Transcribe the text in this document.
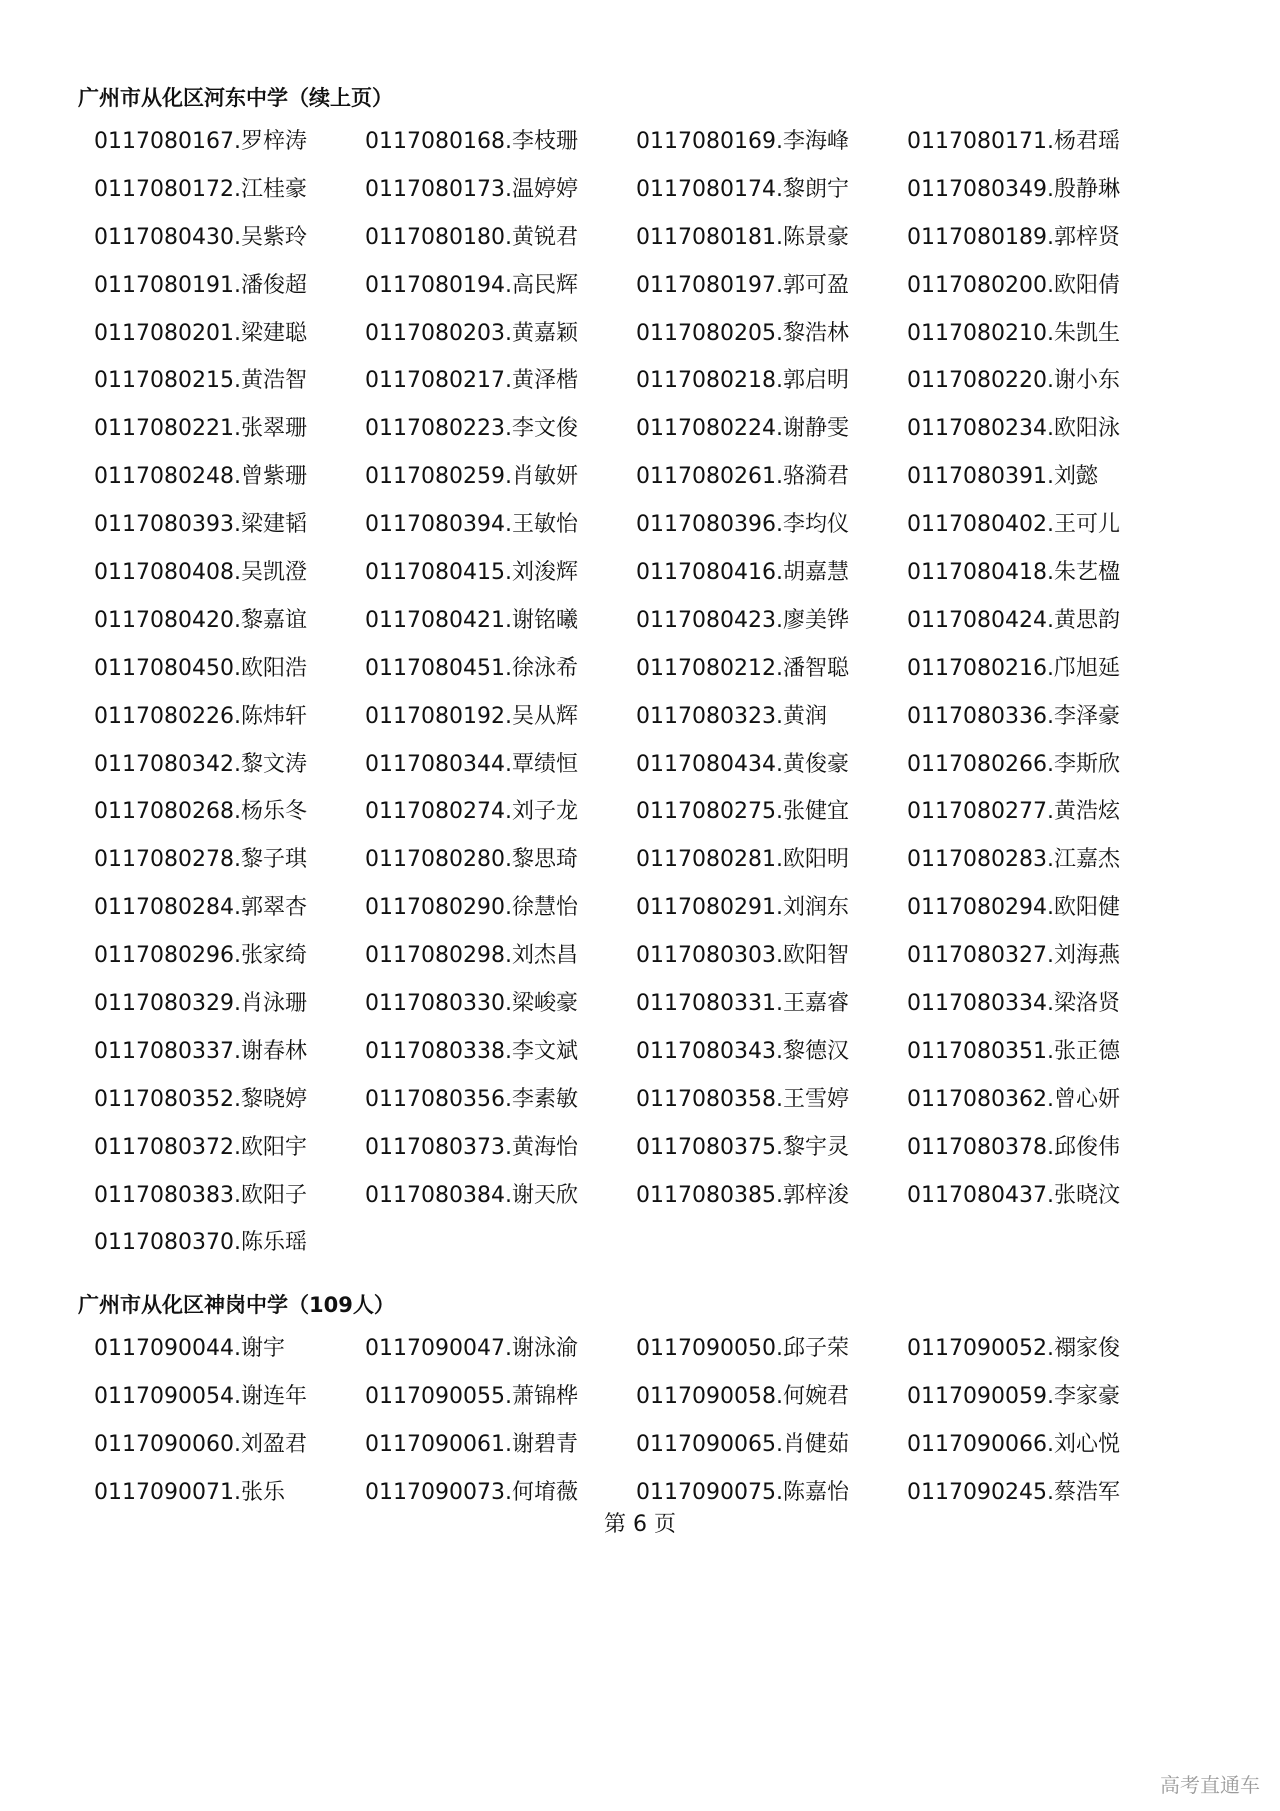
广州市从化区河东中学（续上页）
0117080167.罗梓涛	0117080168.李枝珊	0117080169.李海峰	0117080171.杨君瑶
0117080172.江桂豪	0117080173.温婷婷	0117080174.黎朗宁	0117080349.殷静琳
0117080430.吴紫玲	0117080180.黄锐君	0117080181.陈景豪	0117080189.郭梓贤
0117080191.潘俊超	0117080194.高民辉	0117080197.郭可盈	0117080200.欧阳倩
0117080201.梁建聪	0117080203.黄嘉颖	0117080205.黎浩林	0117080210.朱凯生
0117080215.黄浩智	0117080217.黄泽楷	0117080218.郭启明	0117080220.谢小东
0117080221.张翠珊	0117080223.李文俊	0117080224.谢静雯	0117080234.欧阳泳
0117080248.曾紫珊	0117080259.肖敏妍	0117080261.骆漪君	0117080391.刘懿
0117080393.梁建韬	0117080394.王敏怡	0117080396.李均仪	0117080402.王可儿
0117080408.吴凯澄	0117080415.刘浚辉	0117080416.胡嘉慧	0117080418.朱艺楹
0117080420.黎嘉谊	0117080421.谢铭曦	0117080423.廖美铧	0117080424.黄思韵
0117080450.欧阳浩	0117080451.徐泳希	0117080212.潘智聪	0117080216.邝旭延
0117080226.陈炜轩	0117080192.吴从辉	0117080323.黄润	0117080336.李泽豪
0117080342.黎文涛	0117080344.覃绩恒	0117080434.黄俊豪	0117080266.李斯欣
0117080268.杨乐冬	0117080274.刘子龙	0117080275.张健宜	0117080277.黄浩炫
0117080278.黎子琪	0117080280.黎思琦	0117080281.欧阳明	0117080283.江嘉杰
0117080284.郭翠杏	0117080290.徐慧怡	0117080291.刘润东	0117080294.欧阳健
0117080296.张家绮	0117080298.刘杰昌	0117080303.欧阳智	0117080327.刘海燕
0117080329.肖泳珊	0117080330.梁峻豪	0117080331.王嘉睿	0117080334.梁洛贤
0117080337.谢春林	0117080338.李文斌	0117080343.黎德汉	0117080351.张正德
0117080352.黎晓婷	0117080356.李素敏	0117080358.王雪婷	0117080362.曾心妍
0117080372.欧阳宇	0117080373.黄海怡	0117080375.黎宇灵	0117080378.邱俊伟
0117080383.欧阳子	0117080384.谢天欣	0117080385.郭梓浚	0117080437.张晓汶
0117080370.陈乐瑶
广州市从化区神岗中学（109人）
0117090044.谢宇	0117090047.谢泳渝	0117090050.邱子荣	0117090052.禤家俊
0117090054.谢连年	0117090055.萧锦桦	0117090058.何婉君	0117090059.李家豪
0117090060.刘盈君	0117090061.谢碧青	0117090065.肖健茹	0117090066.刘心悦
0117090071.张乐	0117090073.何堉薇	0117090075.陈嘉怡	0117090245.蔡浩军
第 6 页
高考直通车
